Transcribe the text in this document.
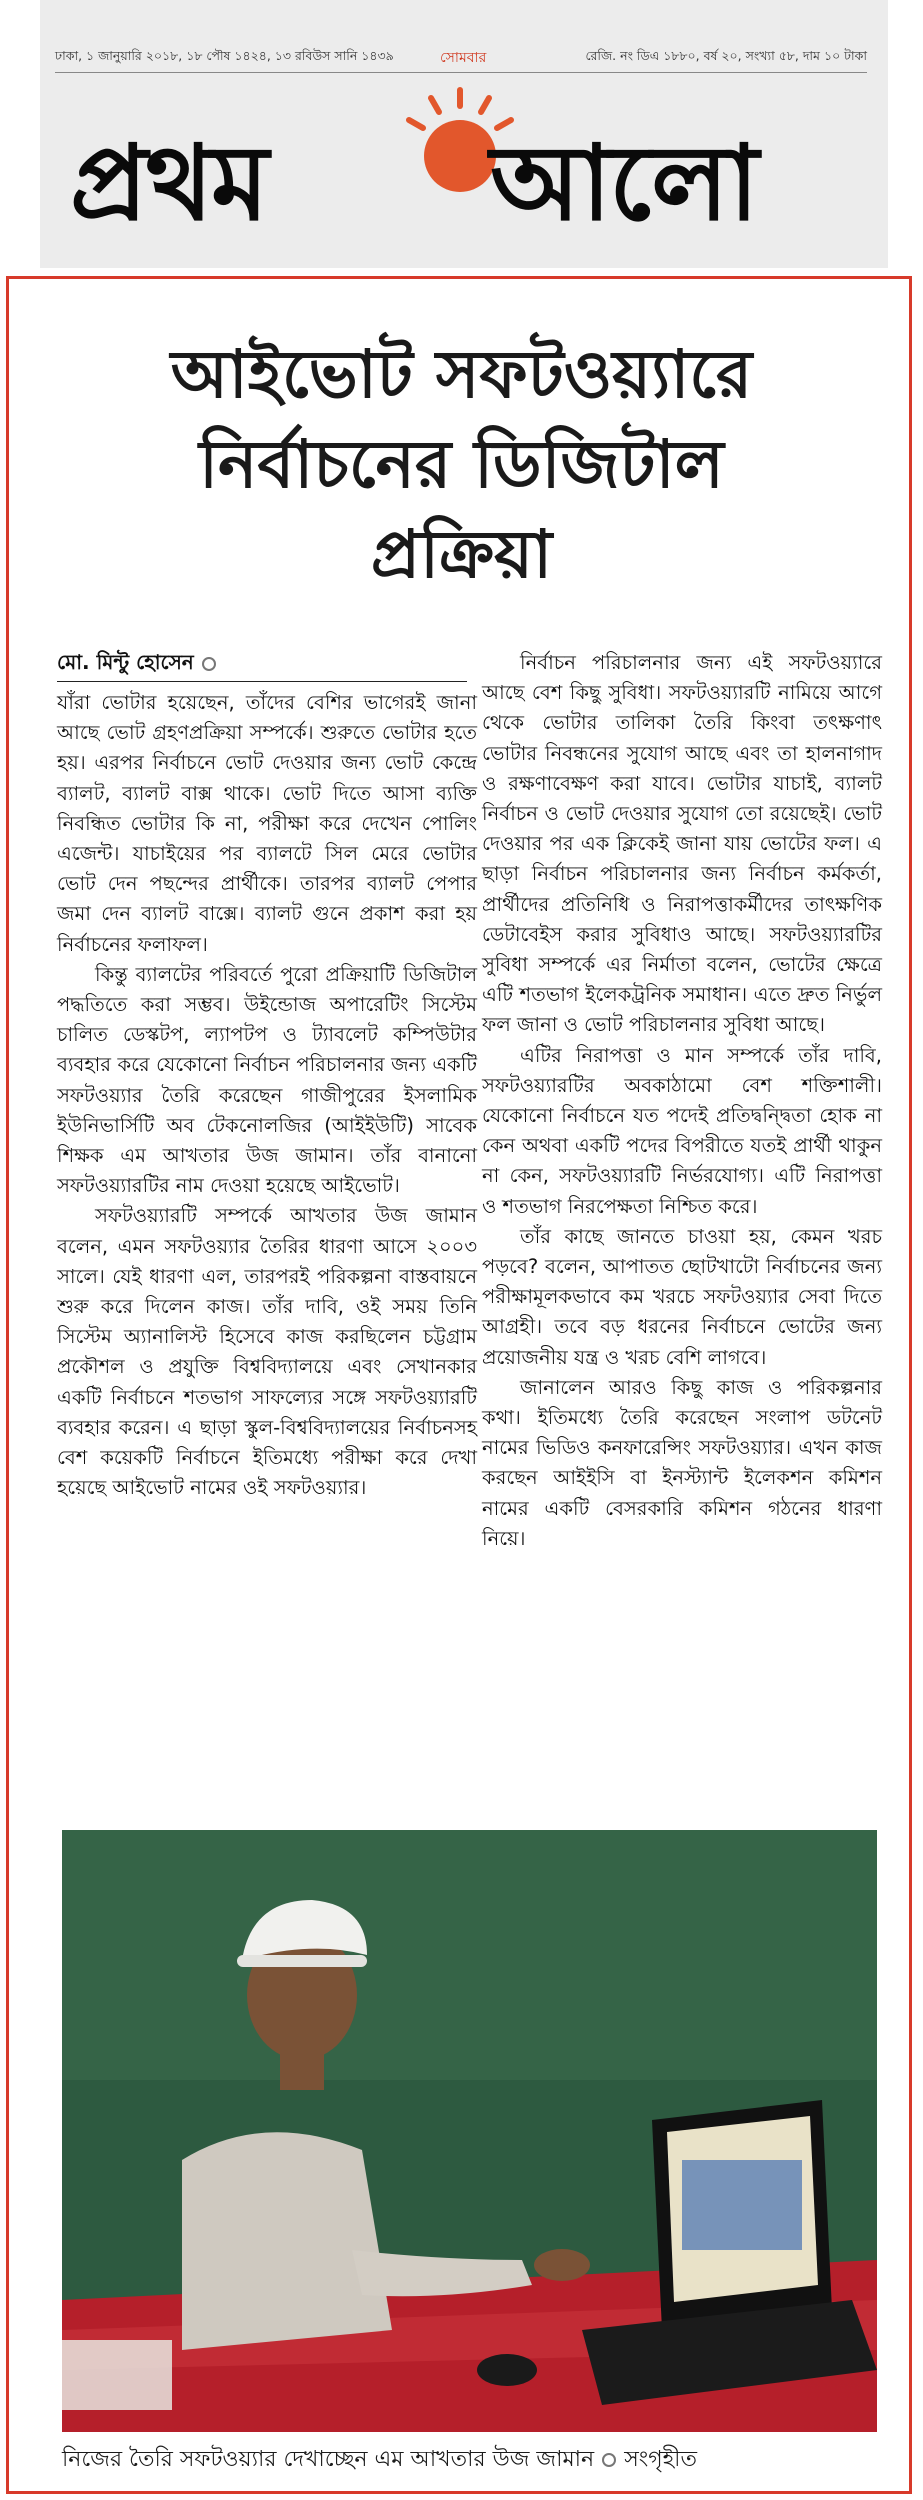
ঢাকা, ১ জানুয়ারি ২০১৮, ১৮ পৌষ ১৪২৪, ১৩ রবিউস সানি ১৪৩৯	সোমবার	রেজি. নং ডিএ ১৮৮০, বর্ষ ২০, সংখ্যা ৫৮, দাম ১০ টাকা
প্রথম আলো
আইভোট সফটওয়্যারে
নির্বাচনের ডিজিটাল
প্রক্রিয়া
মো. মিন্টু হোসেন

যাঁরা ভোটার হয়েছেন, তাঁদের বেশির ভাগেরই জানা আছে ভোট গ্রহণপ্রক্রিয়া সম্পর্কে। শুরুতে ভোটার হতে হয়। এরপর নির্বাচনে ভোট দেওয়ার জন্য ভোট কেন্দ্রে ব্যালট, ব্যালট বাক্স থাকে। ভোট দিতে আসা ব্যক্তি নিবন্ধিত ভোটার কি না, পরীক্ষা করে দেখেন পোলিং এজেন্ট। যাচাইয়ের পর ব্যালটে সিল মেরে ভোটার ভোট দেন পছন্দের প্রার্থীকে। তারপর ব্যালট পেপার জমা দেন ব্যালট বাক্সে। ব্যালট গুনে প্রকাশ করা হয় নির্বাচনের ফলাফল।

কিন্তু ব্যালটের পরিবর্তে পুরো প্রক্রিয়াটি ডিজিটাল পদ্ধতিতে করা সম্ভব। উইন্ডোজ অপারেটিং সিস্টেম চালিত ডেস্কটপ, ল্যাপটপ ও ট্যাবলেট কম্পিউটার ব্যবহার করে যেকোনো নির্বাচন পরিচালনার জন্য একটি সফটওয়্যার তৈরি করেছেন গাজীপুরের ইসলামিক ইউনিভার্সিটি অব টেকনোলজির (আইইউটি) সাবেক শিক্ষক এম আখতার উজ জামান। তাঁর বানানো সফটওয়্যারটির নাম দেওয়া হয়েছে আইভোট।

সফটওয়্যারটি সম্পর্কে আখতার উজ জামান বলেন, এমন সফটওয়্যার তৈরির ধারণা আসে ২০০৩ সালে। যেই ধারণা এল, তারপরই পরিকল্পনা বাস্তবায়নে শুরু করে দিলেন কাজ। তাঁর দাবি, ওই সময় তিনি সিস্টেম অ্যানালিস্ট হিসেবে কাজ করছিলেন চট্টগ্রাম প্রকৌশল ও প্রযুক্তি বিশ্ববিদ্যালয়ে এবং সেখানকার একটি নির্বাচনে শতভাগ সাফল্যের সঙ্গে সফটওয়্যারটি ব্যবহার করেন। এ ছাড়া স্কুল-বিশ্ববিদ্যালয়ের নির্বাচনসহ বেশ কয়েকটি নির্বাচনে ইতিমধ্যে পরীক্ষা করে দেখা হয়েছে আইভোট নামের ওই সফটওয়্যার।

নির্বাচন পরিচালনার জন্য এই সফটওয়্যারে আছে বেশ কিছু সুবিধা। সফটওয়্যারটি নামিয়ে আগে থেকে ভোটার তালিকা তৈরি কিংবা তৎক্ষণাৎ ভোটার নিবন্ধনের সুযোগ আছে এবং তা হালনাগাদ ও রক্ষণাবেক্ষণ করা যাবে। ভোটার যাচাই, ব্যালট নির্বাচন ও ভোট দেওয়ার সুযোগ তো রয়েছেই। ভোট দেওয়ার পর এক ক্লিকেই জানা যায় ভোটের ফল। এ ছাড়া নির্বাচন পরিচালনার জন্য নির্বাচন কর্মকর্তা, প্রার্থীদের প্রতিনিধি ও নিরাপত্তাকর্মীদের তাৎক্ষণিক ডেটাবেইস করার সুবিধাও আছে। সফটওয়্যারটির সুবিধা সম্পর্কে এর নির্মাতা বলেন, ভোটের ক্ষেত্রে এটি শতভাগ ইলেকট্রনিক সমাধান। এতে দ্রুত নির্ভুল ফল জানা ও ভোট পরিচালনার সুবিধা আছে।

এটির নিরাপত্তা ও মান সম্পর্কে তাঁর দাবি, সফটওয়্যারটির অবকাঠামো বেশ শক্তিশালী। যেকোনো নির্বাচনে যত পদেই প্রতিদ্বন্দ্বিতা হোক না কেন অথবা একটি পদের বিপরীতে যতই প্রার্থী থাকুন না কেন, সফটওয়্যারটি নির্ভরযোগ্য। এটি নিরাপত্তা ও শতভাগ নিরপেক্ষতা নিশ্চিত করে।

তাঁর কাছে জানতে চাওয়া হয়, কেমন খরচ পড়বে? বলেন, আপাতত ছোটখাটো নির্বাচনের জন্য পরীক্ষামূলকভাবে কম খরচে সফটওয়্যার সেবা দিতে আগ্রহী। তবে বড় ধরনের নির্বাচনে ভোটের জন্য প্রয়োজনীয় যন্ত্র ও খরচ বেশি লাগবে।

জানালেন আরও কিছু কাজ ও পরিকল্পনার কথা। ইতিমধ্যে তৈরি করেছেন সংলাপ ডটনেট নামের ভিডিও কনফারেন্সিং সফটওয়্যার। এখন কাজ করছেন আইইসি বা ইনস্ট্যান্ট ইলেকশন কমিশন নামের একটি বেসরকারি কমিশন গঠনের ধারণা নিয়ে।

নিজের তৈরি সফটওয়্যার দেখাচ্ছেন এম আখতার উজ জামান সংগৃহীত
